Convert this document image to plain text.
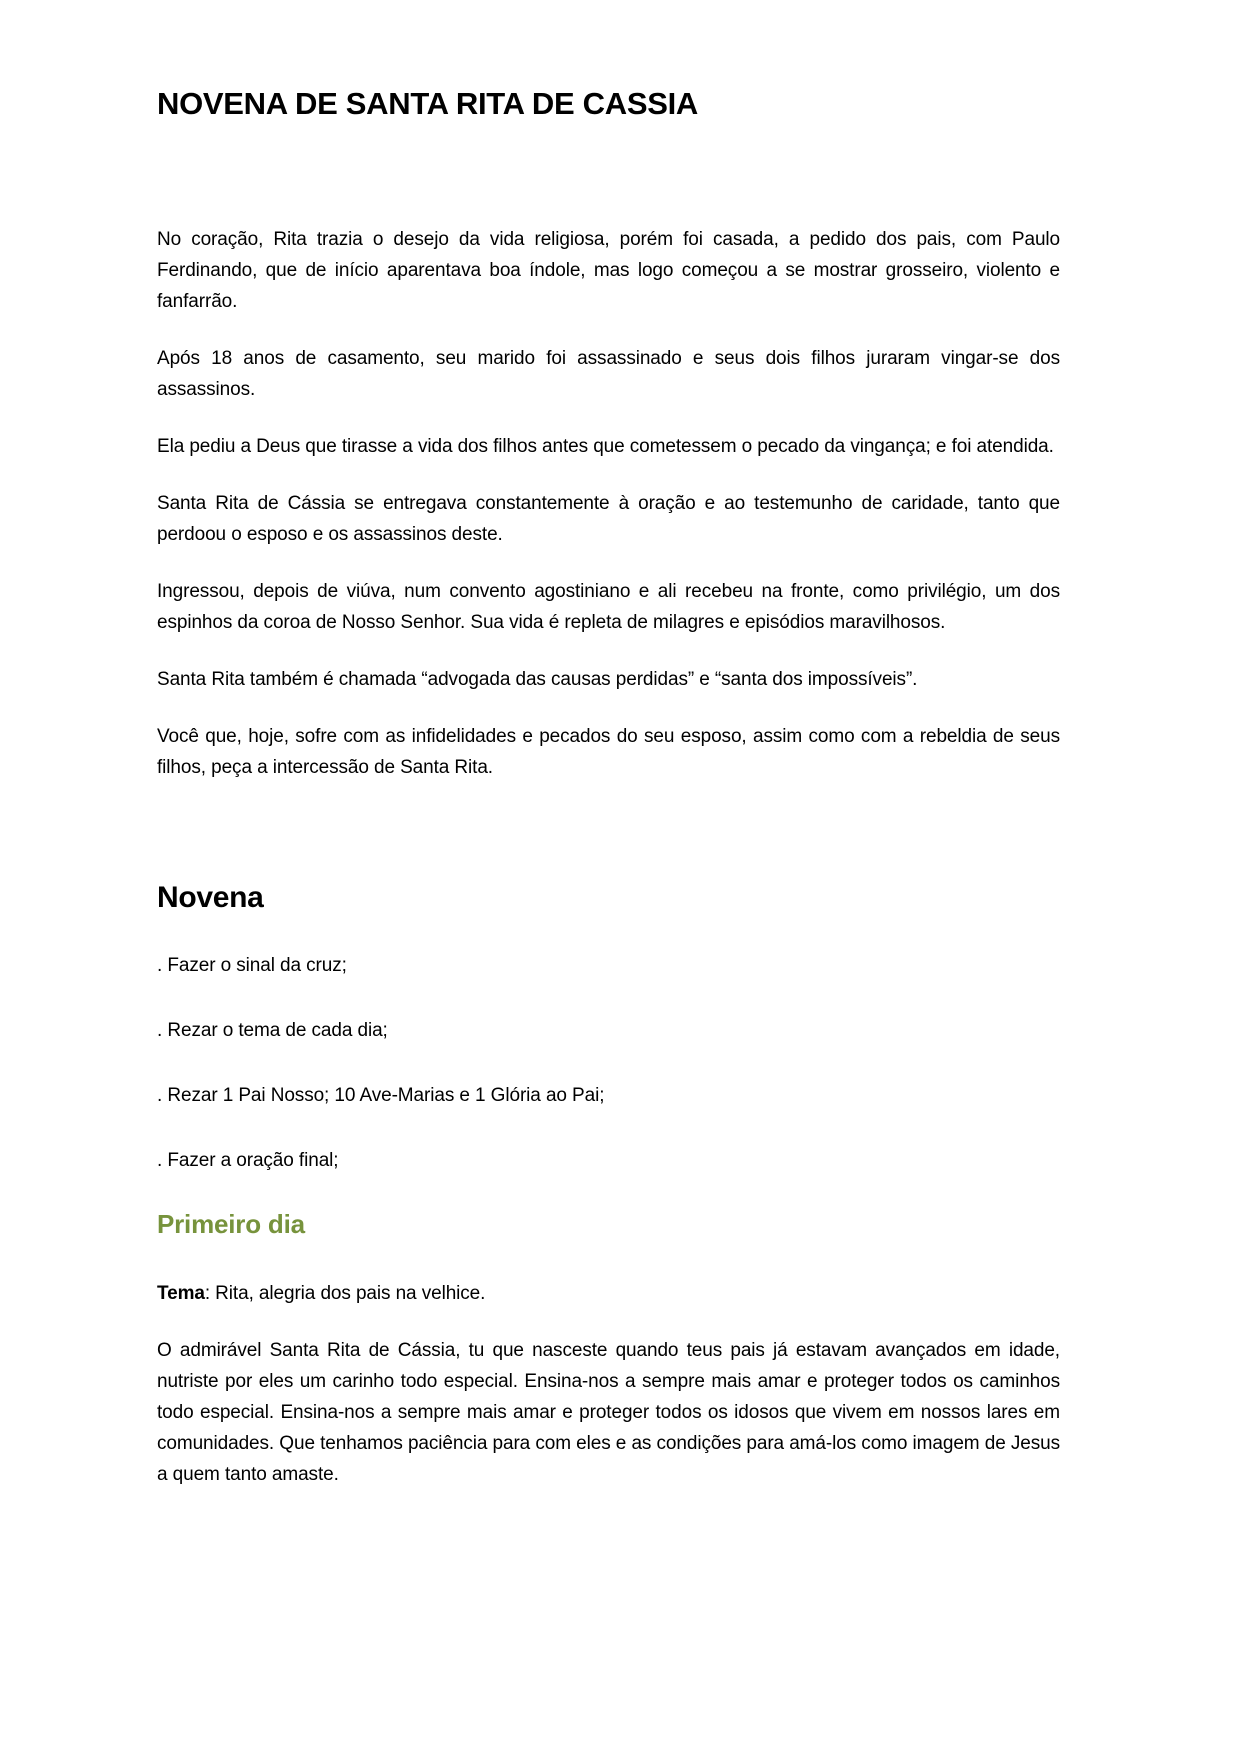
NOVENA DE SANTA RITA DE CASSIA

No coração, Rita trazia o desejo da vida religiosa, porém foi casada, a pedido dos pais, com Paulo Ferdinando, que de início aparentava boa índole, mas logo começou a se mostrar grosseiro, violento e fanfarrão.

Após 18 anos de casamento, seu marido foi assassinado e seus dois filhos juraram vingar-se dos assassinos.

Ela pediu a Deus que tirasse a vida dos filhos antes que cometessem o pecado da vingança; e foi atendida.

Santa Rita de Cássia se entregava constantemente à oração e ao testemunho de caridade, tanto que perdoou o esposo e os assassinos deste.

Ingressou, depois de viúva, num convento agostiniano e ali recebeu na fronte, como privilégio, um dos espinhos da coroa de Nosso Senhor. Sua vida é repleta de milagres e episódios maravilhosos.

Santa Rita também é chamada “advogada das causas perdidas” e “santa dos impossíveis”.

Você que, hoje, sofre com as infidelidades e pecados do seu esposo, assim como com a rebeldia de seus filhos, peça a intercessão de Santa Rita.

Novena

. Fazer o sinal da cruz;

. Rezar o tema de cada dia;

. Rezar 1 Pai Nosso; 10 Ave-Marias e 1 Glória ao Pai;

. Fazer a oração final;

Primeiro dia

Tema: Rita, alegria dos pais na velhice.

O admirável Santa Rita de Cássia, tu que nasceste quando teus pais já estavam avançados em idade, nutriste por eles um carinho todo especial. Ensina-nos a sempre mais amar e proteger todos os caminhos todo especial. Ensina-nos a sempre mais amar e proteger todos os idosos que vivem em nossos lares em comunidades. Que tenhamos paciência para com eles e as condições para amá-los como imagem de Jesus a quem tanto amaste.
